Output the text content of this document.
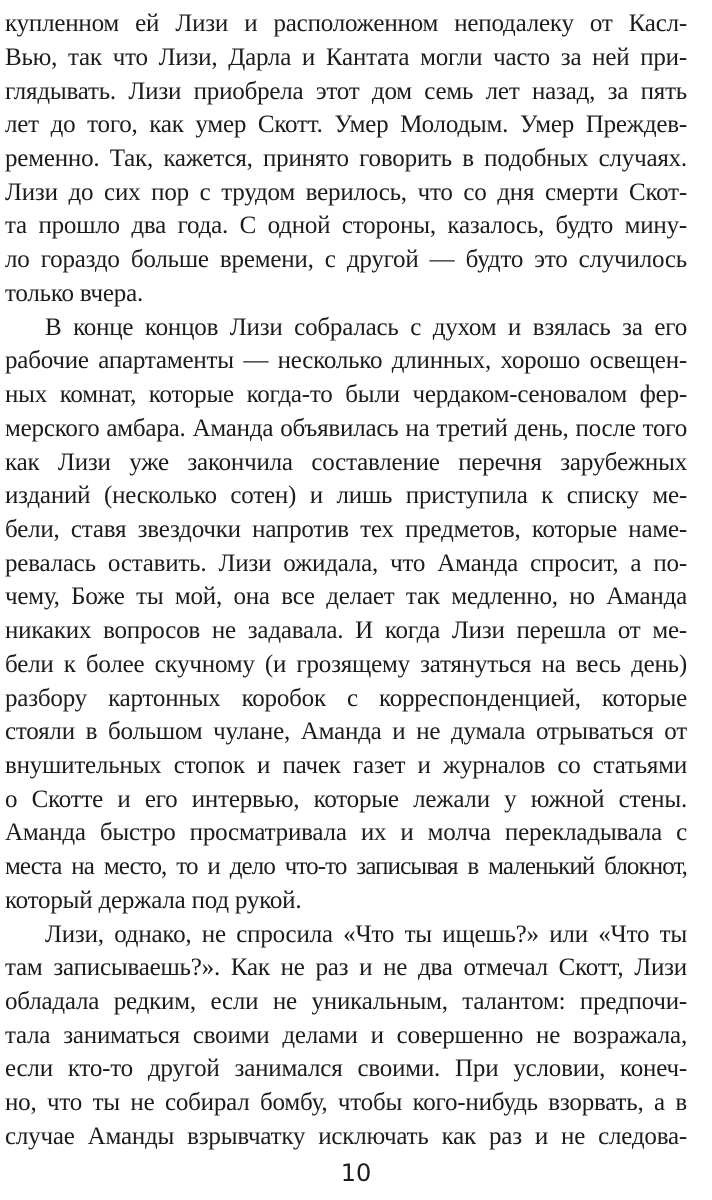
купленном ей Лизи и расположенном неподалеку от Касл-
Вью, так что Лизи, Дарла и Кантата могли часто за ней при-
глядывать. Лизи приобрела этот дом семь лет назад, за пять
лет до того, как умер Скотт. Умер Молодым. Умер Преждев-
ременно. Так, кажется, принято говорить в подобных случаях.
Лизи до сих пор с трудом верилось, что со дня смерти Скот-
та прошло два года. С одной стороны, казалось, будто мину-
ло гораздо больше времени, с другой — будто это случилось
только вчера.
В конце концов Лизи собралась с духом и взялась за его
рабочие апартаменты — несколько длинных, хорошо освещен-
ных комнат, которые когда-то были чердаком-сеновалом фер-
мерского амбара. Аманда объявилась на третий день, после того
как Лизи уже закончила составление перечня зарубежных
изданий (несколько сотен) и лишь приступила к списку ме-
бели, ставя звездочки напротив тех предметов, которые наме-
ревалась оставить. Лизи ожидала, что Аманда спросит, а по-
чему, Боже ты мой, она все делает так медленно, но Аманда
никаких вопросов не задавала. И когда Лизи перешла от ме-
бели к более скучному (и грозящему затянуться на весь день)
разбору картонных коробок с корреспонденцией, которые
стояли в большом чулане, Аманда и не думала отрываться от
внушительных стопок и пачек газет и журналов со статьями
о Скотте и его интервью, которые лежали у южной стены.
Аманда быстро просматривала их и молча перекладывала с
места на место, то и дело что-то записывая в маленький блокнот,
который держала под рукой.
Лизи, однако, не спросила «Что ты ищешь?» или «Что ты
там записываешь?». Как не раз и не два отмечал Скотт, Лизи
обладала редким, если не уникальным, талантом: предпочи-
тала заниматься своими делами и совершенно не возражала,
если кто-то другой занимался своими. При условии, конеч-
но, что ты не собирал бомбу, чтобы кого-нибудь взорвать, а в
случае Аманды взрывчатку исключать как раз и не следова-
10
